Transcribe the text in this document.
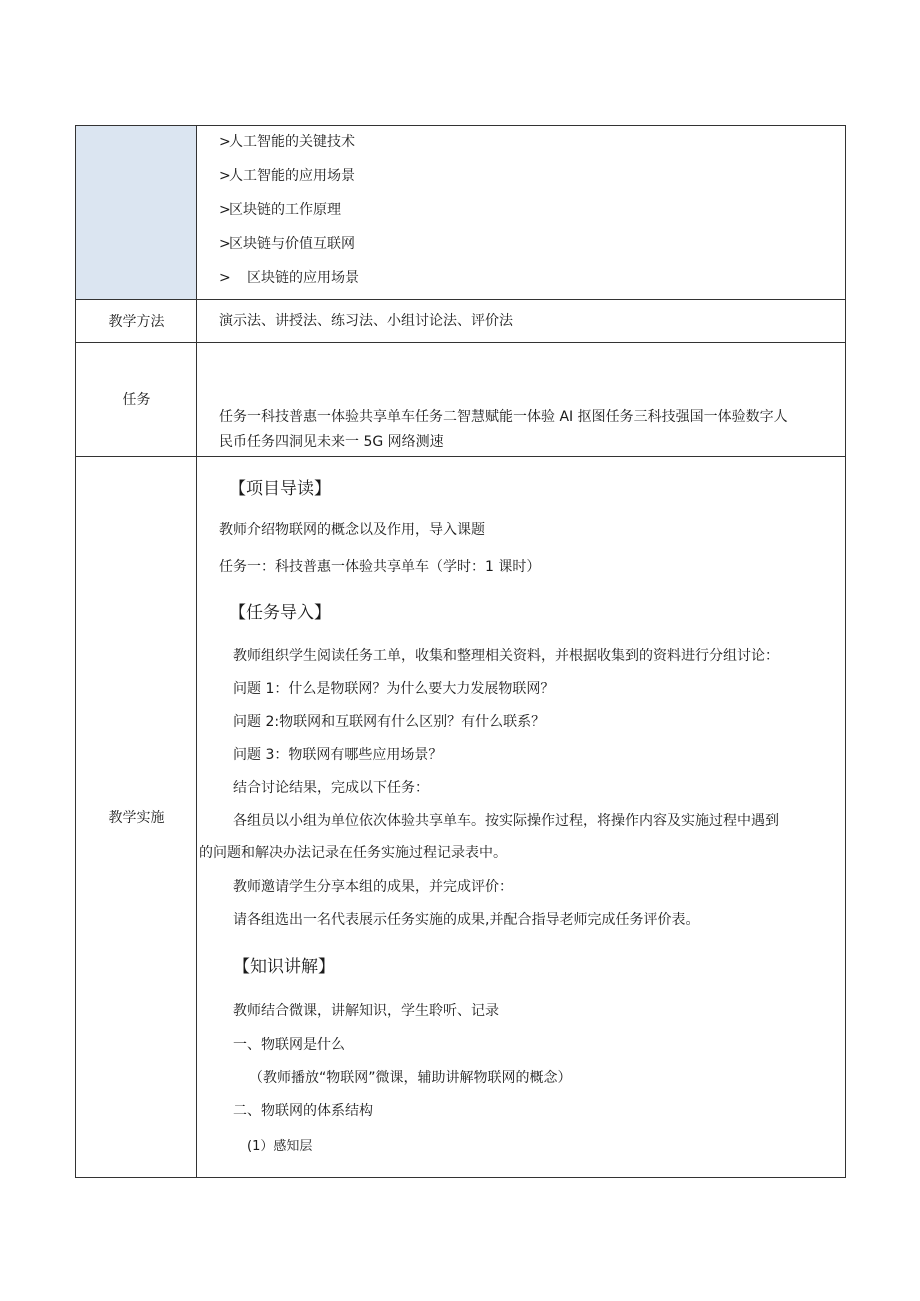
教学方法
任务
教学实施
>人工智能的关键技术
>人工智能的应用场景
>区块链的工作原理
>区块链与价值互联网
> 区块链的应用场景
演示法、讲授法、练习法、小组讨论法、评价法
任务一科技普惠一体验共享单车任务二智慧赋能一体验 AI 抠图任务三科技强国一体验数字人
民币任务四洞见未来一 5G 网络测速
【项目导读】
教师介绍物联网的概念以及作用，导入课题
任务一：科技普惠一体验共享单车（学时：1 课时）
【任务导入】
教师组织学生阅读任务工单，收集和整理相关资料，并根据收集到的资料进行分组讨论：
问题 1：什么是物联网？为什么要大力发展物联网？
问题 2:物联网和互联网有什么区别？有什么联系？
问题 3：物联网有哪些应用场景？
结合讨论结果，完成以下任务：
各组员以小组为单位依次体验共享单车。按实际操作过程，将操作内容及实施过程中遇到
的问题和解决办法记录在任务实施过程记录表中。
教师邀请学生分享本组的成果，并完成评价：
请各组选出一名代表展示任务实施的成果,并配合指导老师完成任务评价表。
【知识讲解】
教师结合微课，讲解知识，学生聆听、记录
一、物联网是什么
（教师播放“物联网”微课，辅助讲解物联网的概念）
二、物联网的体系结构
(1）感知层
